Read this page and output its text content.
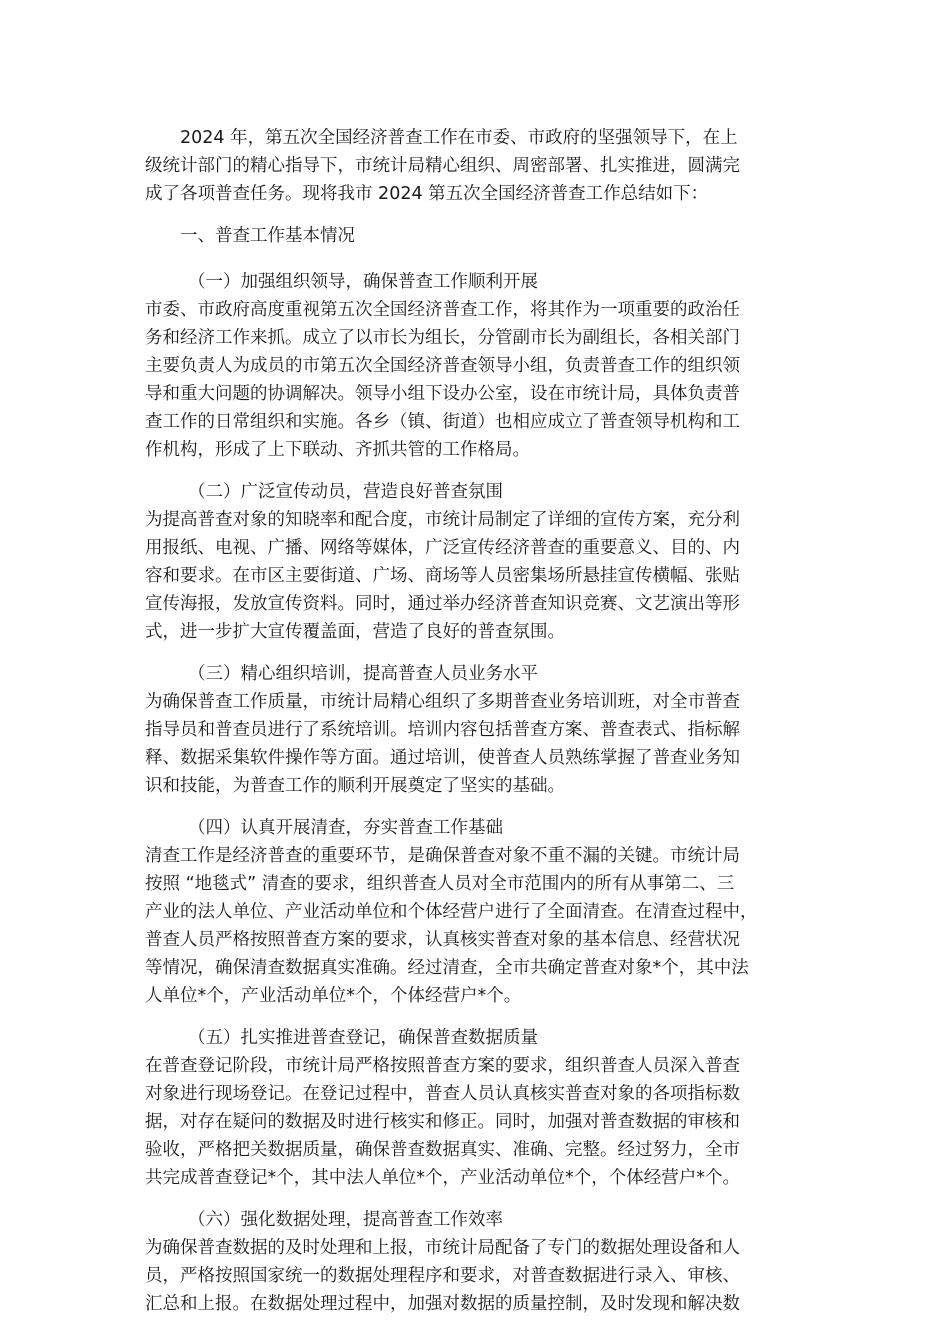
2024 年，第五次全国经济普查工作在市委、市政府的坚强领导下，在上
级统计部门的精心指导下，市统计局精心组织、周密部署、扎实推进，圆满完
成了各项普查任务。现将我市 2024 第五次全国经济普查工作总结如下：

一、普查工作基本情况

（一）加强组织领导，确保普查工作顺利开展

市委、市政府高度重视第五次全国经济普查工作，将其作为一项重要的政治任
务和经济工作来抓。成立了以市长为组长，分管副市长为副组长，各相关部门
主要负责人为成员的市第五次全国经济普查领导小组，负责普查工作的组织领
导和重大问题的协调解决。领导小组下设办公室，设在市统计局，具体负责普
查工作的日常组织和实施。各乡（镇、街道）也相应成立了普查领导机构和工
作机构，形成了上下联动、齐抓共管的工作格局。

（二）广泛宣传动员，营造良好普查氛围

为提高普查对象的知晓率和配合度，市统计局制定了详细的宣传方案，充分利
用报纸、电视、广播、网络等媒体，广泛宣传经济普查的重要意义、目的、内
容和要求。在市区主要街道、广场、商场等人员密集场所悬挂宣传横幅、张贴
宣传海报，发放宣传资料。同时，通过举办经济普查知识竞赛、文艺演出等形
式，进一步扩大宣传覆盖面，营造了良好的普查氛围。

（三）精心组织培训，提高普查人员业务水平

为确保普查工作质量，市统计局精心组织了多期普查业务培训班，对全市普查
指导员和普查员进行了系统培训。培训内容包括普查方案、普查表式、指标解
释、数据采集软件操作等方面。通过培训，使普查人员熟练掌握了普查业务知
识和技能，为普查工作的顺利开展奠定了坚实的基础。

（四）认真开展清查，夯实普查工作基础

清查工作是经济普查的重要环节，是确保普查对象不重不漏的关键。市统计局
按照 “地毯式” 清查的要求，组织普查人员对全市范围内的所有从事第二、三
产业的法人单位、产业活动单位和个体经营户进行了全面清查。在清查过程中，
普查人员严格按照普查方案的要求，认真核实普查对象的基本信息、经营状况
等情况，确保清查数据真实准确。经过清查，全市共确定普查对象*个，其中法
人单位*个，产业活动单位*个，个体经营户*个。

（五）扎实推进普查登记，确保普查数据质量

在普查登记阶段，市统计局严格按照普查方案的要求，组织普查人员深入普查
对象进行现场登记。在登记过程中，普查人员认真核实普查对象的各项指标数
据，对存在疑问的数据及时进行核实和修正。同时，加强对普查数据的审核和
验收，严格把关数据质量，确保普查数据真实、准确、完整。经过努力，全市
共完成普查登记*个，其中法人单位*个，产业活动单位*个，个体经营户*个。

（六）强化数据处理，提高普查工作效率

为确保普查数据的及时处理和上报，市统计局配备了专门的数据处理设备和人
员，严格按照国家统一的数据处理程序和要求，对普查数据进行录入、审核、
汇总和上报。在数据处理过程中，加强对数据的质量控制，及时发现和解决数
